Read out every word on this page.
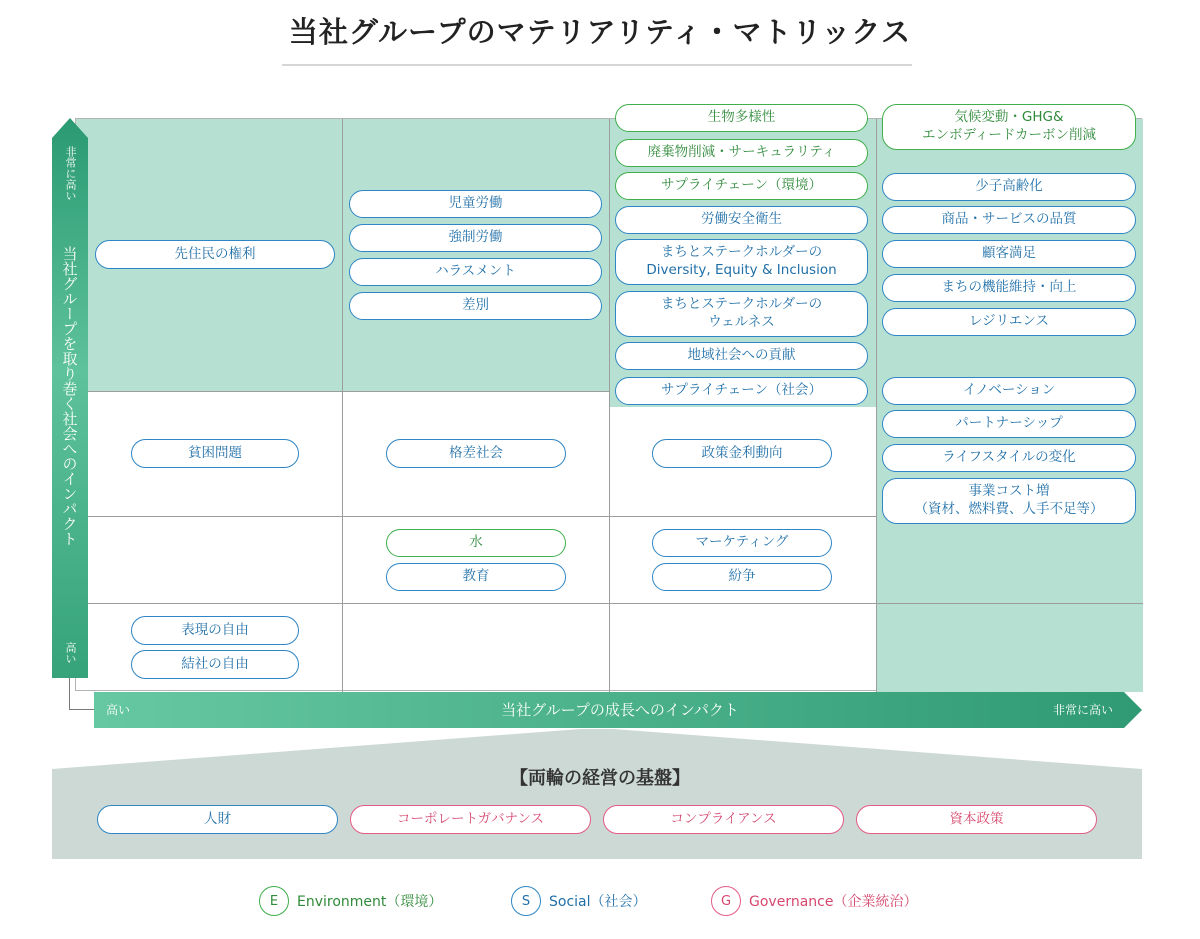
当社グループのマテリアリティ・マトリックス
生物多様性
廃棄物削減・サーキュラリティ
サプライチェーン（環境）
労働安全衛生
まちとステークホルダーの
Diversity, Equity & Inclusion
まちとステークホルダーの
ウェルネス
地域社会への貢献
サプライチェーン（社会）
気候変動・GHG&
エンボディードカーボン削減
少子高齢化
商品・サービスの品質
顧客満足
まちの機能維持・向上
レジリエンス
イノベーション
パートナーシップ
ライフスタイルの変化
事業コスト増
（資材、燃料費、人手不足等）
児童労働
強制労働
ハラスメント
差別
先住民の権利
貧困問題	格差社会	政策金利動向
水
教育
マーケティング
紛争
表現の自由
結社の自由
非常に高い
当社グループを取り巻く社会へのインパクト
高い
高い	当社グループの成長へのインパクト	非常に高い
【両輪の経営の基盤】
人財	コーポレートガバナンス	コンプライアンス	資本政策
E	Environment（環境）	S	Social（社会）	G	Governance（企業統治）
